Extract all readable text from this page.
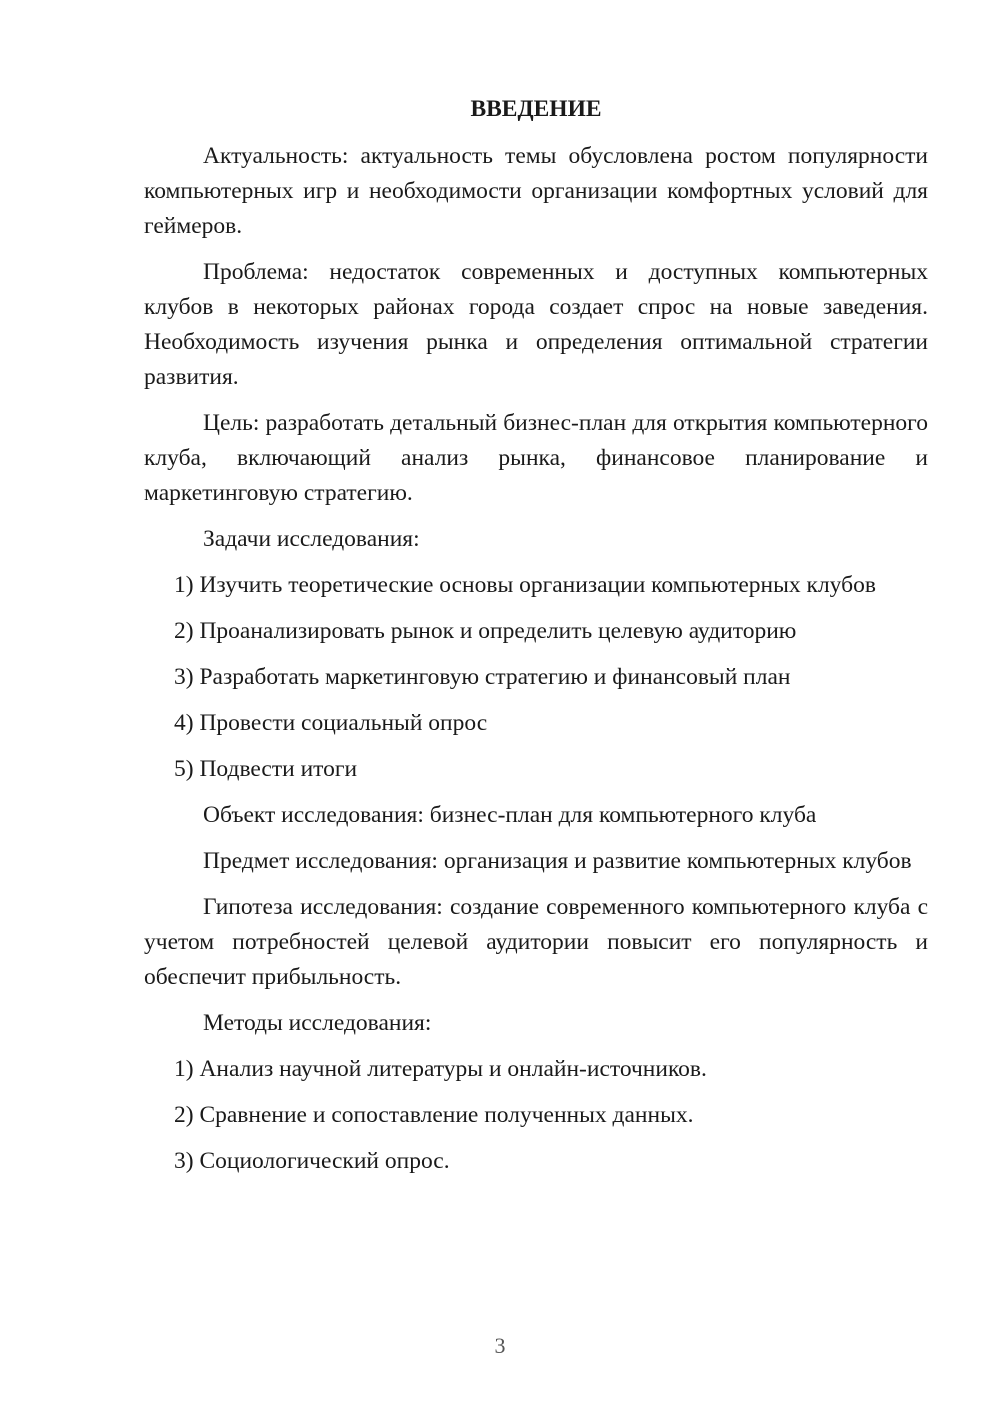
ВВЕДЕНИЕ
Актуальность: актуальность темы обусловлена ростом популярности компьютерных игр и необходимости организации комфортных условий для геймеров.
Проблема: недостаток современных и доступных компьютерных клубов в некоторых районах города создает спрос на новые заведения. Необходимость изучения рынка и определения оптимальной стратегии развития.
Цель: разработать детальный бизнес-план для открытия компьютерного клуба, включающий анализ рынка, финансовое планирование и маркетинговую стратегию.
Задачи исследования:
1) Изучить теоретические основы организации компьютерных клубов
2) Проанализировать рынок и определить целевую аудиторию
3) Разработать маркетинговую стратегию и финансовый план
4) Провести социальный опрос
5) Подвести итоги
Объект исследования: бизнес-план для компьютерного клуба
Предмет исследования: организация и развитие компьютерных клубов
Гипотеза исследования: создание современного компьютерного клуба с учетом потребностей целевой аудитории повысит его популярность и обеспечит прибыльность.
Методы исследования:
1) Анализ научной литературы и онлайн-источников.
2) Сравнение и сопоставление полученных данных.
3) Социологический опрос.
3
